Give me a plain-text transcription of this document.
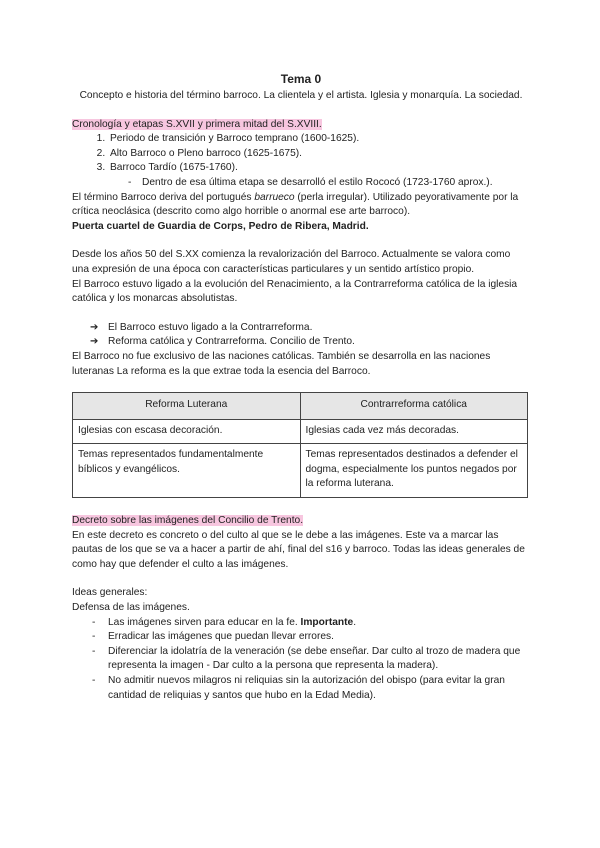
Tema 0

Concepto e historia del término barroco. La clientela y el artista. Iglesia y monarquía. La sociedad.

Cronología y etapas S.XVII y primera mitad del S.XVIII.

1. Periodo de transición y Barroco temprano (1600-1625).
2. Alto Barroco o Pleno barroco (1625-1675).
3. Barroco Tardío (1675-1760).
- Dentro de esa última etapa se desarrolló el estilo Rococó (1723-1760 aprox.).

El término Barroco deriva del portugués barrueco (perla irregular). Utilizado peyorativamente por la crítica neoclásica (descrito como algo horrible o anormal ese arte barroco).

Puerta cuartel de Guardia de Corps, Pedro de Ribera, Madrid.

Desde los años 50 del S.XX comienza la revalorización del Barroco. Actualmente se valora como una expresión de una época con características particulares y un sentido artístico propio.

El Barroco estuvo ligado a la evolución del Renacimiento, a la Contrarreforma católica de la iglesia católica y los monarcas absolutistas.

➔ El Barroco estuvo ligado a la Contrarreforma.
➔ Reforma católica y Contrarreforma. Concilio de Trento.

El Barroco no fue exclusivo de las naciones católicas. También se desarrolla en las naciones luteranas La reforma es la que extrae toda la esencia del Barroco.

Reforma Luterana	Contrarreforma católica
Iglesias con escasa decoración.	Iglesias cada vez más decoradas.
Temas representados fundamentalmente bíblicos y evangélicos.	Temas representados destinados a defender el dogma, especialmente los puntos negados por la reforma luterana.

Decreto sobre las imágenes del Concilio de Trento.

En este decreto es concreto o del culto al que se le debe a las imágenes. Este va a marcar las pautas de los que se va a hacer a partir de ahí, final del s16 y barroco. Todas las ideas generales de como hay que defender el culto a las imágenes.

Ideas generales:

Defensa de las imágenes.

- Las imágenes sirven para educar en la fe. Importante.
- Erradicar las imágenes que puedan llevar errores.
- Diferenciar la idolatría de la veneración (se debe enseñar. Dar culto al trozo de madera que representa la imagen - Dar culto a la persona que representa la madera).
- No admitir nuevos milagros ni reliquias sin la autorización del obispo (para evitar la gran cantidad de reliquias y santos que hubo en la Edad Media).
